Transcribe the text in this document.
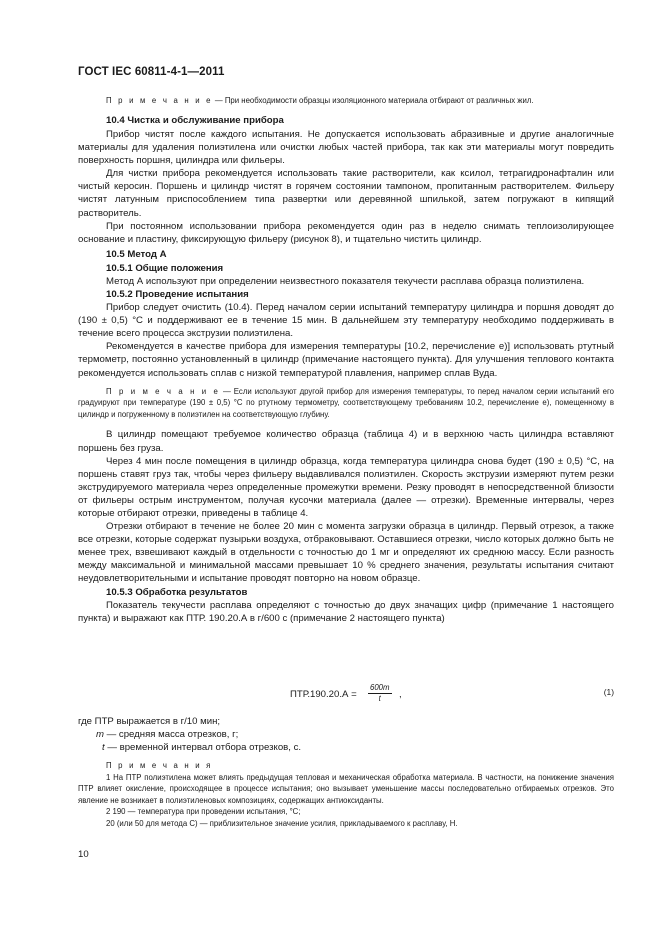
ГОСТ IEC 60811-4-1—2011
П р и м е ч а н и е — При необходимости образцы изоляционного материала отбирают от различных жил.
10.4 Чистка и обслуживание прибора

Прибор чистят после каждого испытания. Не допускается использовать абразивные и другие аналогичные материалы для удаления полиэтилена или очистки любых частей прибора, так как эти материалы могут повредить поверхность поршня, цилиндра или фильеры.

Для чистки прибора рекомендуется использовать такие растворители, как ксилол, тетрагидронафталин или чистый керосин. Поршень и цилиндр чистят в горячем состоянии тампоном, пропитанным растворителем. Фильеру чистят латунным приспособлением типа развертки или деревянной шпилькой, затем погружают в кипящий растворитель.

При постоянном использовании прибора рекомендуется один раз в неделю снимать теплоизолирующее основание и пластину, фиксирующую фильеру (рисунок 8), и тщательно чистить цилиндр.

10.5 Метод А
10.5.1 Общие положения

Метод А используют при определении неизвестного показателя текучести расплава образца полиэтилена.

10.5.2 Проведение испытания

Прибор следует очистить (10.4). Перед началом серии испытаний температуру цилиндра и поршня доводят до (190 ± 0,5) °С и поддерживают ее в течение 15 мин. В дальнейшем эту температуру необходимо поддерживать в течение всего процесса экструзии полиэтилена.

Рекомендуется в качестве прибора для измерения температуры [10.2, перечисление е)] использовать ртутный термометр, постоянно установленный в цилиндр (примечание настоящего пункта). Для улучшения теплового контакта рекомендуется использовать сплав с низкой температурой плавления, например сплав Вуда.

П р и м е ч а н и е — Если используют другой прибор для измерения температуры, то перед началом серии испытаний его градуируют при температуре (190 ± 0,5) °С по ртутному термометру, соответствующему требованиям 10.2, перечисление е), помещенному в цилиндр и погруженному в полиэтилен на соответствующую глубину.

В цилиндр помещают требуемое количество образца (таблица 4) и в верхнюю часть цилиндра вставляют поршень без груза.

Через 4 мин после помещения в цилиндр образца, когда температура цилиндра снова будет (190 ± 0,5) °С, на поршень ставят груз так, чтобы через фильеру выдавливался полиэтилен. Скорость экструзии измеряют путем резки экструдируемого материала через определенные промежутки времени. Резку проводят в непосредственной близости от фильеры острым инструментом, получая кусочки материала (далее — отрезки). Временные интервалы, через которые отбирают отрезки, приведены в таблице 4.

Отрезки отбирают в течение не более 20 мин с момента загрузки образца в цилиндр. Первый отрезок, а также все отрезки, которые содержат пузырьки воздуха, отбраковывают. Оставшиеся отрезки, число которых должно быть не менее трех, взвешивают каждый в отдельности с точностью до 1 мг и определяют их среднюю массу. Если разность между максимальной и минимальной массами превышает 10 % среднего значения, результаты испытания считают неудовлетворительными и испытание проводят повторно на новом образце.

10.5.3 Обработка результатов

Показатель текучести расплава определяют с точностью до двух значащих цифр (примечание 1 настоящего пункта) и выражают как ПТР. 190.20.А в г/600 с (примечание 2 настоящего пункта)

$ПТР.190.20.А = \frac{600m}{t}$ ,	(1)

где ПТР выражается в г/10 мин;

m — средняя масса отрезков, г;

t — временной интервал отбора отрезков, с.

П р и м е ч а н и я
1 На ПТР полиэтилена может влиять предыдущая тепловая и механическая обработка материала. В частности, на понижение значения ПТР влияет окисление, происходящее в процессе испытания; оно вызывает уменьшение массы последовательно отбираемых отрезков. Это явление не возникает в полиэтиленовых композициях, содержащих антиоксиданты.
2 190 — температура при проведении испытания, °С;
20 (или 50 для метода С) — приблизительное значение усилия, прикладываемого к расплаву, Н.
10
